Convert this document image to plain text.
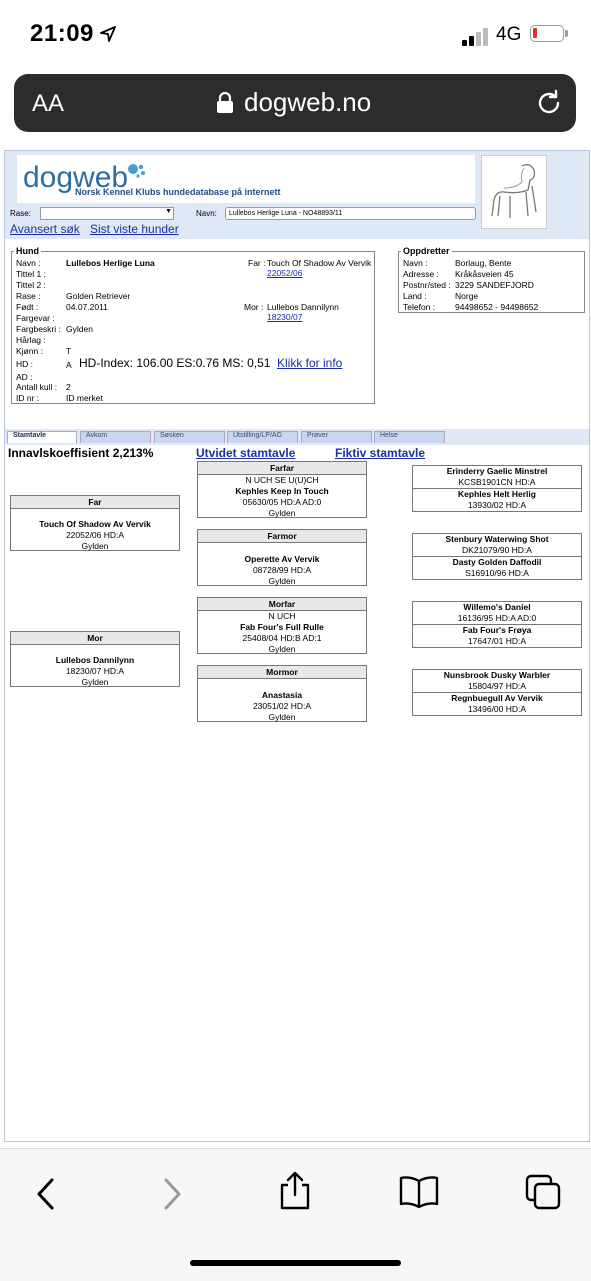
21:09	4G
AA	dogweb.no
dogweb
Norsk Kennel Klubs hundedatabase på internett
Rase:	▼	Navn:	Lullebos Herlige Luna - NO48893/11
Avansert søk Sist viste hunder
Hund
Navn :	Lullebos Herlige Luna
Tittel 1 :
Tittel 2 :
Rase :	Golden Retriever
Født :	04.07.2011
Fargevar :
Fargbeskri : Gylden
Hårlag :
Kjønn :	T
HD :	A HD-Index: 106.00 ES:0.76 MS: 0,51 Klikk for info
AD :
Antall kull : 2
ID nr :	ID merket
Far : Touch Of Shadow Av Vervik
22052/06
Mor : Lullebos Dannilynn
18230/07
Oppdretter
Navn :	Borlaug, Bente
Adresse : Kråkåsveien 45
Postnr/sted : 3229 SANDEFJORD
Land :	Norge
Telefon : 94498652 - 94498652
Stamtavle	Avkom	Søsken	Utstilling/LP/AG	Prøver	Helse
Innavlskoeffisient 2,213%	Utvidet stamtavle	Fiktiv stamtavle
Far
Touch Of Shadow Av Vervik
22052/06 HD:A
Gylden
Mor
Lullebos Dannilynn
18230/07 HD:A
Gylden
Farfar
N UCH SE U(U)CH
Kephles Keep In Touch
05630/05 HD:A AD:0
Gylden
Farmor
Operette Av Vervik
08728/99 HD:A
Gylden
Morfar
N UCH
Fab Four's Full Rulle
25408/04 HD:B AD:1
Gylden
Mormor
Anastasia
23051/02 HD:A
Gylden
Erinderry Gaelic Minstrel
KCSB1901CN HD:A
Kephles Helt Herlig
13930/02 HD:A
Stenbury Waterwing Shot
DK21079/90 HD:A
Dasty Golden Daffodil
S16910/96 HD:A
Willemo's Daniel
16136/95 HD:A AD:0
Fab Four's Frøya
17647/01 HD:A
Nunsbrook Dusky Warbler
15804/97 HD:A
Regnbuegull Av Vervik
13496/00 HD:A
